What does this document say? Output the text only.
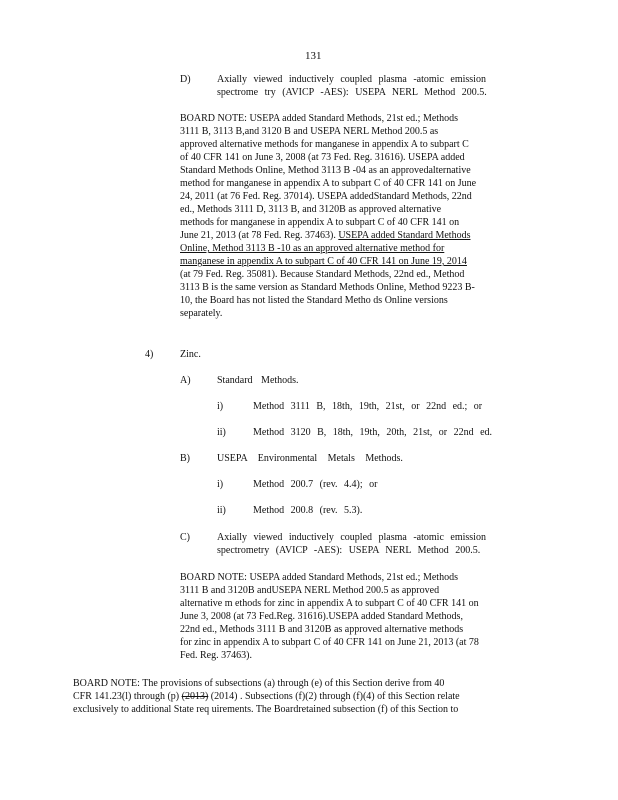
131
D)	Axially viewed inductively coupled plasma -atomic emission
spectrome try (AVICP -AES): USEPA NERL Method 200.5.
BOARD NOTE: USEPA added Standard Methods, 21st ed.; Methods
3111 B, 3113 B,and 3120 B and USEPA NERL Method 200.5 as
approved alternative methods for manganese in appendix A to subpart C
of 40 CFR 141 on June 3, 2008 (at 73 Fed. Reg. 31616). USEPA added
Standard Methods Online, Method 3113 B -04 as an approvedalternative
method for manganese in appendix A to subpart C of 40 CFR 141 on June
24, 2011 (at 76 Fed. Reg. 37014). USEPA addedStandard Methods, 22nd
ed., Methods 3111 D, 3113 B, and 3120B as approved alternative
methods for manganese in appendix A to subpart C of 40 CFR 141 on
June 21, 2013 (at 78 Fed. Reg. 37463). USEPA added Standard Methods
Online, Method 3113 B -10 as an approved alternative method for
manganese in appendix A to subpart C of 40 CFR 141 on June 19, 2014
(at 79 Fed. Reg. 35081). Because Standard Methods, 22nd ed., Method
3113 B is the same version as Standard Methods Online, Method 9223 B-
10, the Board has not listed the Standard Metho ds Online versions
separately.
4)	Zinc.
A)	Standard Methods.
i)	Method 3111 B, 18th, 19th, 21st, or 22nd ed.; or
ii)	Method 3120 B, 18th, 19th, 20th, 21st, or 22nd ed.
B)	USEPA Environmental Metals Methods.
i)	Method 200.7 (rev. 4.4); or
ii)	Method 200.8 (rev. 5.3).
C)	Axially viewed inductively coupled plasma -atomic emission
spectrometry (AVICP -AES): USEPA NERL Method 200.5.
BOARD NOTE: USEPA added Standard Methods, 21st ed.; Methods
3111 B and 3120B andUSEPA NERL Method 200.5 as approved
alternative m ethods for zinc in appendix A to subpart C of 40 CFR 141 on
June 3, 2008 (at 73 Fed.Reg. 31616).USEPA added Standard Methods,
22nd ed., Methods 3111 B and 3120B as approved alternative methods
for zinc in appendix A to subpart C of 40 CFR 141 on June 21, 2013 (at 78
Fed. Reg. 37463).
BOARD NOTE: The provisions of subsections (a) through (e) of this Section derive from 40
CFR 141.23(l) through (p) (2013) (2014) . Subsections (f)(2) through (f)(4) of this Section relate
exclusively to additional State req uirements. The Boardretained subsection (f) of this Section to
